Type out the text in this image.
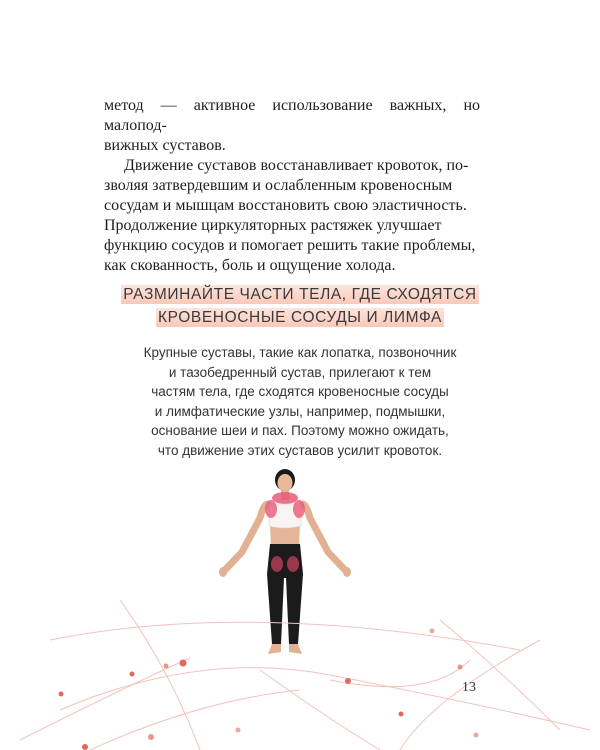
метод — активное использование важных, но малопод-
вижных суставов.

Движение суставов восстанавливает кровоток, по-
зволяя затвердевшим и ослабленным кровеносным
сосудам и мышцам восстановить свою эластичность.
Продолжение циркуляторных растяжек улучшает
функцию сосудов и помогает решить такие проблемы,
как скованность, боль и ощущение холода.

РАЗМИНАЙТЕ ЧАСТИ ТЕЛА, ГДЕ СХОДЯТСЯ
КРОВЕНОСНЫЕ СОСУДЫ И ЛИМФА
Крупные суставы, такие как лопатка, позвоночник
и тазобедренный сустав, прилегают к тем
частям тела, где сходятся кровеносные сосуды
и лимфатические узлы, например, подмышки,
основание шеи и пах. Поэтому можно ожидать,
что движение этих суставов усилит кровоток.
13
